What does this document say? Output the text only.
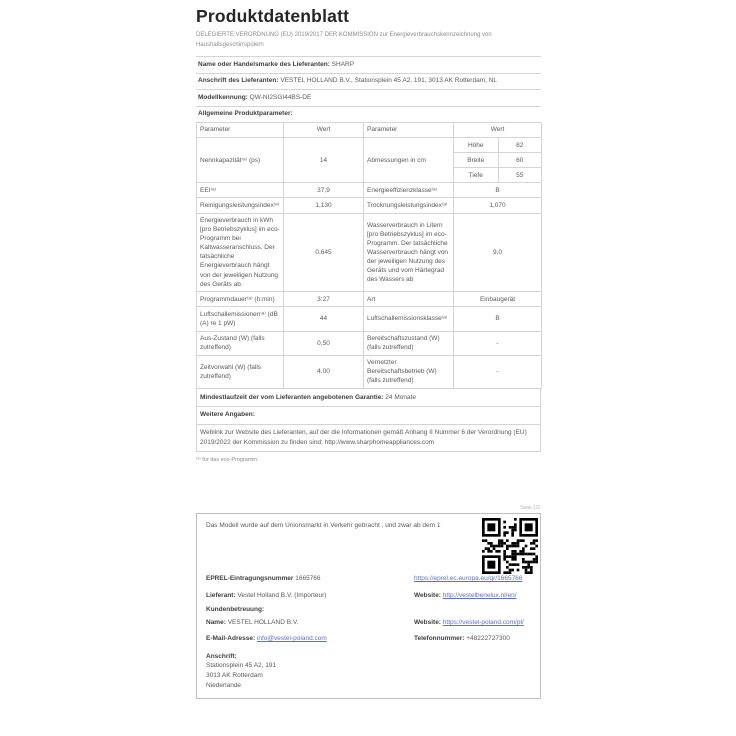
Produktdatenblatt
DELEGIERTE VERORDNUNG (EU) 2019/2017 DER KOMMISSION zur Energieverbrauchskennzeichnung von Haushaltsgeschirrspülern
Name oder Handelsmarke des Lieferanten: SHARP
Anschrift des Lieferanten: VESTEL HOLLAND B.V., Stationsplein 45 A2, 191, 3013 AK Rotterdam, NL
Modellkennung: QW-NI2SGI44BS-DE
Allgemeine Produktparameter:
Parameter	Wert	Parameter	Wert
Nennkapazität⁽ᵃ⁾ (ps)	14	Abmessungen in cm	
Höhe	82
Breite	60
Tiefe	55

EEI⁽ᵃ⁾	37,9	Energieeffizienzklasse⁽ᵃ⁾	B
Reinigungsleistungsindex⁽ᵃ⁾	1,130	Trocknungsleistungsindex⁽ᵃ⁾	1,070
Energieverbrauch in kWh [pro Betriebszyklus] im eco-Programm bei Kaltwasseranschluss. Der tatsächliche Energieverbrauch hängt von der jeweiligen Nutzung des Geräts ab.	0,645	Wasserverbrauch in Litern [pro Betriebszyklus] im eco-Programm. Der tatsächliche Wasserverbrauch hängt von der jeweiligen Nutzung des Geräts und vom Härtegrad des Wassers ab	9,0
Programmdauer⁽ᵃ⁾ (h:min)	3:27	Art	Einbaugerät
Luftschallemissionen⁽ᵃ⁾ (dB (A) re 1 pW)	44	Luftschallemissionsklasse⁽ᵃ⁾	B
Aus-Zustand (W) (falls zutreffend)	0,50	Bereitschaftszustand (W) (falls zutreffend)	-
Zeitvorwahl (W) (falls zutreffend)	4,00	Vernetzter Bereitschaftsbetrieb (W) (falls zutreffend)	-
Mindestlaufzeit der vom Lieferanten angebotenen Garantie: 24 Monate
Weitere Angaben:
Weblink zur Website des Lieferanten, auf der die Informationen gemäß Anhang II Nummer 6 der Verordnung (EU) 2019/2022 der Kommission zu finden sind: http://www.sharphomeappliances.com
⁽ᵃ⁾ für das eco-Programm.
Seite 1/2
Das Modell wurde auf dem Unionsmarkt in Verkehr gebracht , und zwar ab dem 1
EPREL-Eintragungsnummer 1665766	https://eprel.ec.europa.eu/qr/1665766
Lieferant: Vestel Holland B.V. (Importeur)	Website: http://vestelbenelux.nl/en/
Kundenbetreuung:
Name: VESTEL HOLLAND B.V.	Website: https://vestel-poland.com/pl/
E-Mail-Adresse: info@vestel-poland.com	Telefonnummer: +48222727300
Anschrift:
Stationsplein 45 A2, 191
3013 AK Rotterdam
Niederlande
